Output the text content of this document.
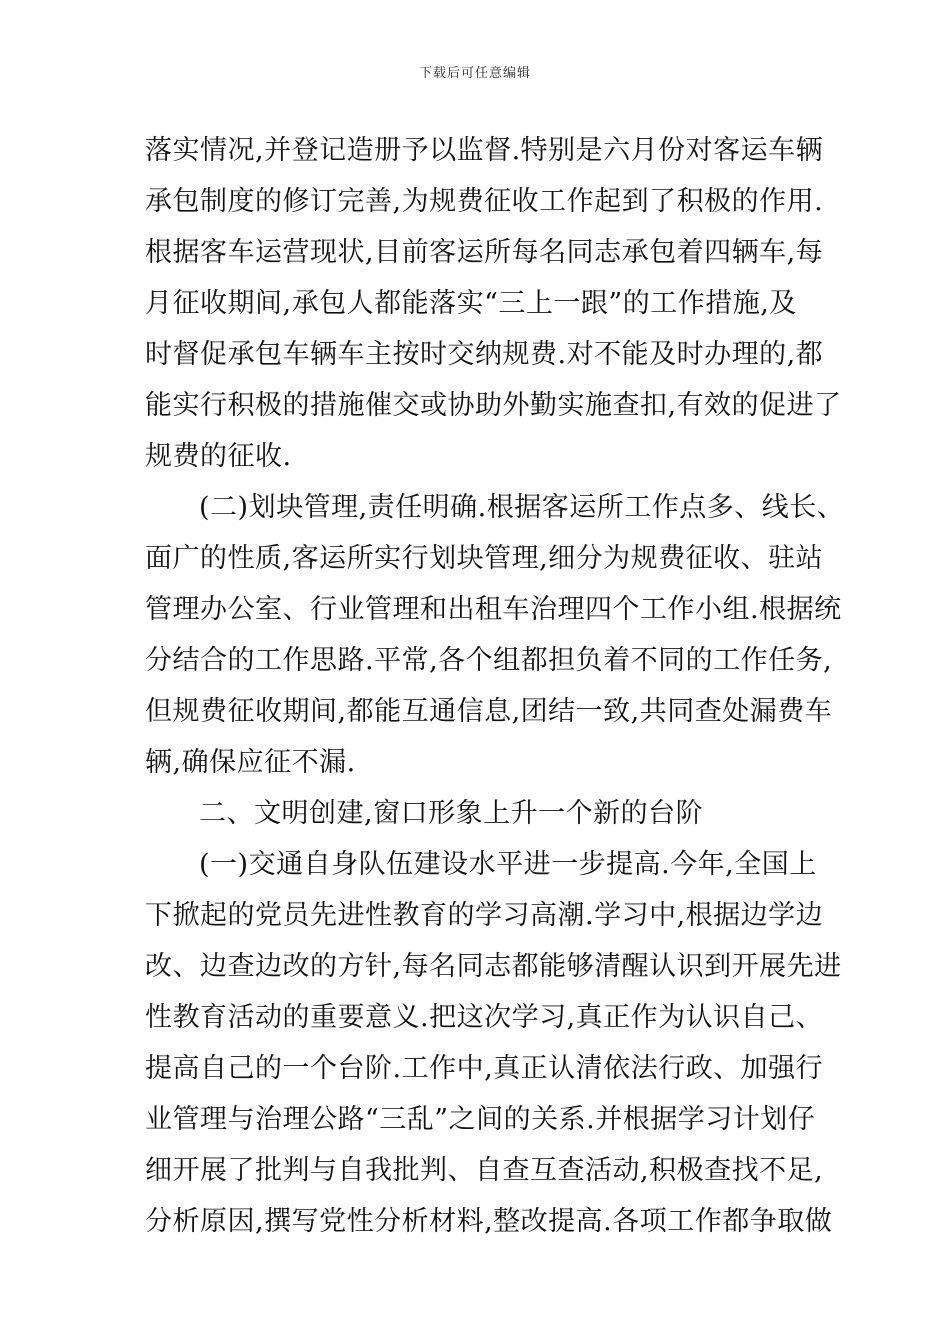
下载后可任意编辑
落实情况,并登记造册予以监督.特别是六月份对客运车辆
承包制度的修订完善,为规费征收工作起到了积极的作用.
根据客车运营现状,目前客运所每名同志承包着四辆车,每
月征收期间,承包人都能落实“三上一跟”的工作措施,及
时督促承包车辆车主按时交纳规费.对不能及时办理的,都
能实行积极的措施催交或协助外勤实施查扣,有效的促进了
规费的征收.
(二)划块管理,责任明确.根据客运所工作点多、线长、
面广的性质,客运所实行划块管理,细分为规费征收、驻站
管理办公室、行业管理和出租车治理四个工作小组.根据统
分结合的工作思路.平常,各个组都担负着不同的工作任务,
但规费征收期间,都能互通信息,团结一致,共同查处漏费车
辆,确保应征不漏.
二、文明创建,窗口形象上升一个新的台阶
(一)交通自身队伍建设水平进一步提高.今年,全国上
下掀起的党员先进性教育的学习高潮.学习中,根据边学边
改、边查边改的方针,每名同志都能够清醒认识到开展先进
性教育活动的重要意义.把这次学习,真正作为认识自己、
提高自己的一个台阶.工作中,真正认清依法行政、加强行
业管理与治理公路“三乱”之间的关系.并根据学习计划仔
细开展了批判与自我批判、自查互查活动,积极查找不足,
分析原因,撰写党性分析材料,整改提高.各项工作都争取做
